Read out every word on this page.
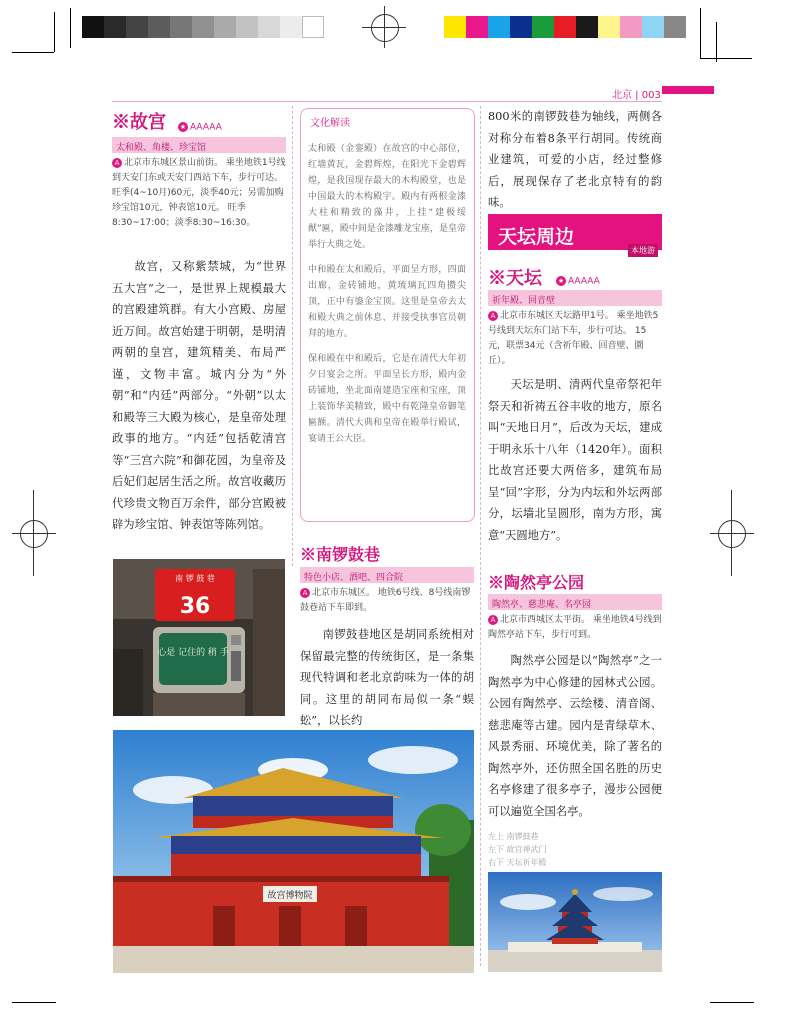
北京 | 003
※故宫 ★ AAAAA
太和殿、角楼、珍宝馆
A 北京市东城区景山前街。 乘坐地铁1号线到天安门东或天安门西站下车，步行可达。 旺季(4~10月)60元，淡季40元；另需加购珍宝馆10元，钟表馆10元。 旺季8:30~17:00；淡季8:30~16:30。

故宫，又称紫禁城，为“世界五大宫”之一，是世界上规模最大的宫殿建筑群。有大小宫殿、房屋近万间。故宫始建于明朝，是明清两朝的皇宫，建筑精美、布局严谨，文物丰富。城内分为“外朝”和“内廷”两部分。“外朝”以太和殿等三大殿为核心，是皇帝处理政事的地方。“内廷”包括乾清宫等“三宫六院”和御花园，为皇帝及后妃们起居生活之所。故宫收藏历代珍贵文物百万余件，部分宫殿被辟为珍宝馆、钟表馆等陈列馆。

南 锣 鼓 巷
36
心是 记住的 稍 手
文化解读

太和殿（金銮殿）在故宫的中心部位，红墙黄瓦，金碧辉煌，在阳光下金碧辉煌，是我国现存最大的木构殿堂，也是中国最大的木构殿宇。殿内有两根金漆大柱和精致的藻井，上挂“建极绥猷”匾，殿中间是金漆雕龙宝座，是皇帝举行大典之处。

中和殿在太和殿后，平面呈方形，四面出廊，金砖铺地，黄琉璃瓦四角攒尖顶，正中有鎏金宝顶。这里是皇帝去太和殿大典之前休息、并接受执事官员朝拜的地方。

保和殿在中和殿后，它是在清代大年初夕日宴会之所。平面呈长方形，殿内金砖铺地，坐北面南建造宝座和宝座，顶上装饰华美精致，殿中有乾隆皇帝御笔匾额。清代大典和皇帝在殿举行殿试，宴请王公大臣。

※南锣鼓巷
特色小店、酒吧、四合院
A 北京市东城区。 地铁6号线、8号线南锣鼓巷站下车即到。

南锣鼓巷地区是胡同系统相对保留最完整的传统街区，是一条集现代特调和老北京韵味为一体的胡同。这里的胡同布局似一条“蜈蚣”，以长约

800米的南锣鼓巷为轴线，两侧各对称分布着8条平行胡同。传统商业建筑，可爱的小店，经过整修后，展现保存了老北京特有的韵味。

天坛周边
本地游
※天坛 ★ AAAAA
祈年殿、回音壁
A 北京市东城区天坛路甲1号。 乘坐地铁5号线到天坛东门站下车，步行可达。 15元，联票34元（含祈年殿、回音壁、圜丘）。

天坛是明、清两代皇帝祭祀年祭天和祈祷五谷丰收的地方，原名叫“天地日月”，后改为天坛，建成于明永乐十八年（1420年）。面积比故宫还要大两倍多，建筑布局呈“回”字形，分为内坛和外坛两部分，坛墙北呈圆形，南为方形，寓意“天圆地方”。

※陶然亭公园
陶然亭、慈悲庵、名亭园
A 北京市西城区太平街。 乘坐地铁4号线到陶然亭站下车，步行可到。

陶然亭公园是以“陶然亭”之一陶然亭为中心修建的园林式公园。公园有陶然亭、云绘楼、清音阁、慈悲庵等古建。园内是青绿草木、风景秀丽、环境优美，除了著名的陶然亭外，还仿照全国名胜的历史名亭修建了很多亭子，漫步公园便可以遍览全国名亭。

左上 南锣鼓巷
左下 故宫神武门
右下 天坛祈年殿
故宫博物院
